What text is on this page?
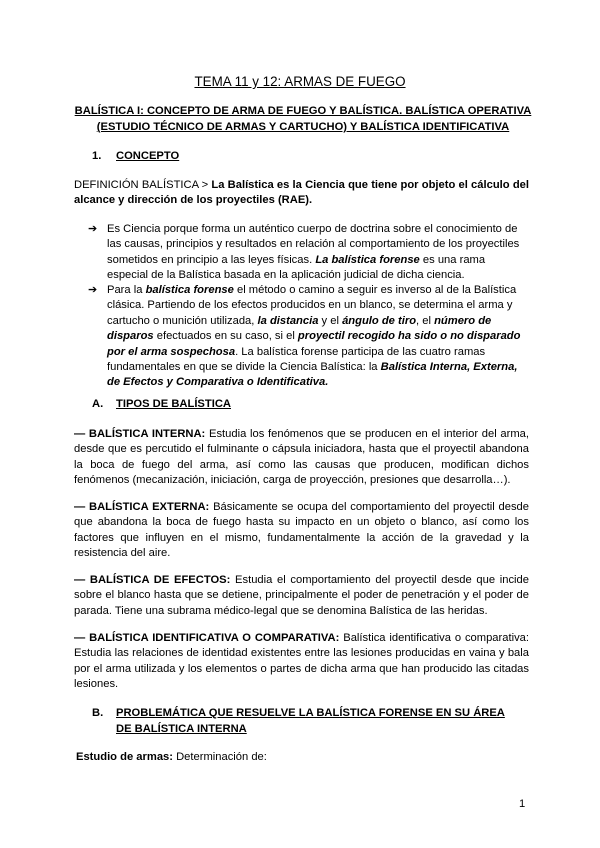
TEMA 11 y 12: ARMAS DE FUEGO
BALÍSTICA I: CONCEPTO DE ARMA DE FUEGO Y BALÍSTICA. BALÍSTICA OPERATIVA (ESTUDIO TÉCNICO DE ARMAS Y CARTUCHO) Y BALÍSTICA IDENTIFICATIVA
1. CONCEPTO
DEFINICIÓN BALÍSTICA > La Balística es la Ciencia que tiene por objeto el cálculo del alcance y dirección de los proyectiles (RAE).
➔ Es Ciencia porque forma un auténtico cuerpo de doctrina sobre el conocimiento de las causas, principios y resultados en relación al comportamiento de los proyectiles sometidos en principio a las leyes físicas. La balística forense es una rama especial de la Balística basada en la aplicación judicial de dicha ciencia.
➔ Para la balística forense el método o camino a seguir es inverso al de la Balística clásica. Partiendo de los efectos producidos en un blanco, se determina el arma y cartucho o munición utilizada, la distancia y el ángulo de tiro, el número de disparos efectuados en su caso, si el proyectil recogido ha sido o no disparado por el arma sospechosa. La balística forense participa de las cuatro ramas fundamentales en que se divide la Ciencia Balística: la Balística Interna, Externa, de Efectos y Comparativa o Identificativa.
A. TIPOS DE BALÍSTICA
— BALÍSTICA INTERNA: Estudia los fenómenos que se producen en el interior del arma, desde que es percutido el fulminante o cápsula iniciadora, hasta que el proyectil abandona la boca de fuego del arma, así como las causas que producen, modifican dichos fenómenos (mecanización, iniciación, carga de proyección, presiones que desarrolla…).
— BALÍSTICA EXTERNA: Básicamente se ocupa del comportamiento del proyectil desde que abandona la boca de fuego hasta su impacto en un objeto o blanco, así como los factores que influyen en el mismo, fundamentalmente la acción de la gravedad y la resistencia del aire.
— BALÍSTICA DE EFECTOS: Estudia el comportamiento del proyectil desde que incide sobre el blanco hasta que se detiene, principalmente el poder de penetración y el poder de parada. Tiene una subrama médico-legal que se denomina Balística de las heridas.
— BALÍSTICA IDENTIFICATIVA O COMPARATIVA: Balística identificativa o comparativa: Estudia las relaciones de identidad existentes entre las lesiones producidas en vaina y bala por el arma utilizada y los elementos o partes de dicha arma que han producido las citadas lesiones.
B.	PROBLEMÁTICA QUE RESUELVE LA BALÍSTICA FORENSE EN SU ÁREA DE BALÍSTICA INTERNA
Estudio de armas: Determinación de:
1
